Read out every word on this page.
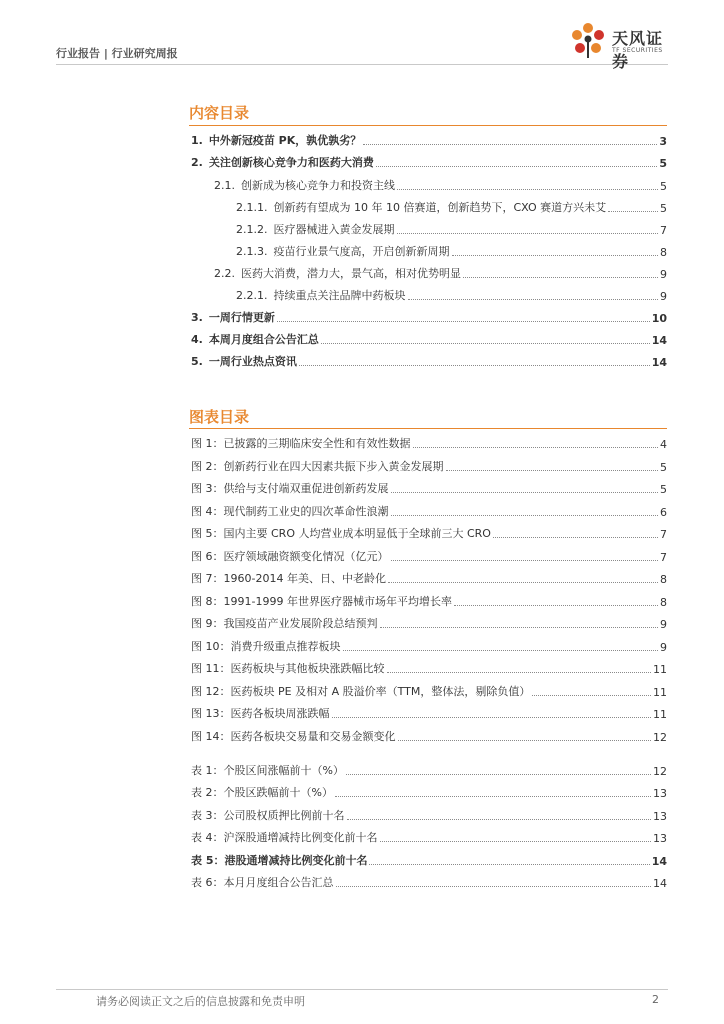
行业报告 | 行业研究周报
天风证券
TF SECURITIES
内容目录
1. 中外新冠疫苗 PK，孰优孰劣？	3
2. 关注创新核心竞争力和医药大消费	5
2.1. 创新成为核心竞争力和投资主线	5
2.1.1. 创新药有望成为 10 年 10 倍赛道，创新趋势下，CXO 赛道方兴未艾	5
2.1.2. 医疗器械进入黄金发展期	7
2.1.3. 疫苗行业景气度高，开启创新新周期	8
2.2. 医药大消费，潜力大，景气高，相对优势明显	9
2.2.1. 持续重点关注品牌中药板块	9
3. 一周行情更新	10
4. 本周月度组合公告汇总	14
5. 一周行业热点资讯	14
图表目录
图 1：已披露的三期临床安全性和有效性数据	4
图 2：创新药行业在四大因素共振下步入黄金发展期	5
图 3：供给与支付端双重促进创新药发展	5
图 4：现代制药工业史的四次革命性浪潮	6
图 5：国内主要 CRO 人均营业成本明显低于全球前三大 CRO	7
图 6：医疗领域融资额变化情况（亿元）	7
图 7：1960-2014 年美、日、中老龄化	8
图 8：1991-1999 年世界医疗器械市场年平均增长率	8
图 9：我国疫苗产业发展阶段总结预判	9
图 10：消费升级重点推荐板块	9
图 11：医药板块与其他板块涨跌幅比较	11
图 12：医药板块 PE 及相对 A 股溢价率（TTM，整体法，剔除负值）	11
图 13：医药各板块周涨跌幅	11
图 14：医药各板块交易量和交易金额变化	12
表 1：个股区间涨幅前十（%）	12
表 2：个股区跌幅前十（%）	13
表 3：公司股权质押比例前十名	13
表 4：沪深股通增减持比例变化前十名	13
表 5：港股通增减持比例变化前十名	14
表 6：本月月度组合公告汇总	14
请务必阅读正文之后的信息披露和免责申明	2
